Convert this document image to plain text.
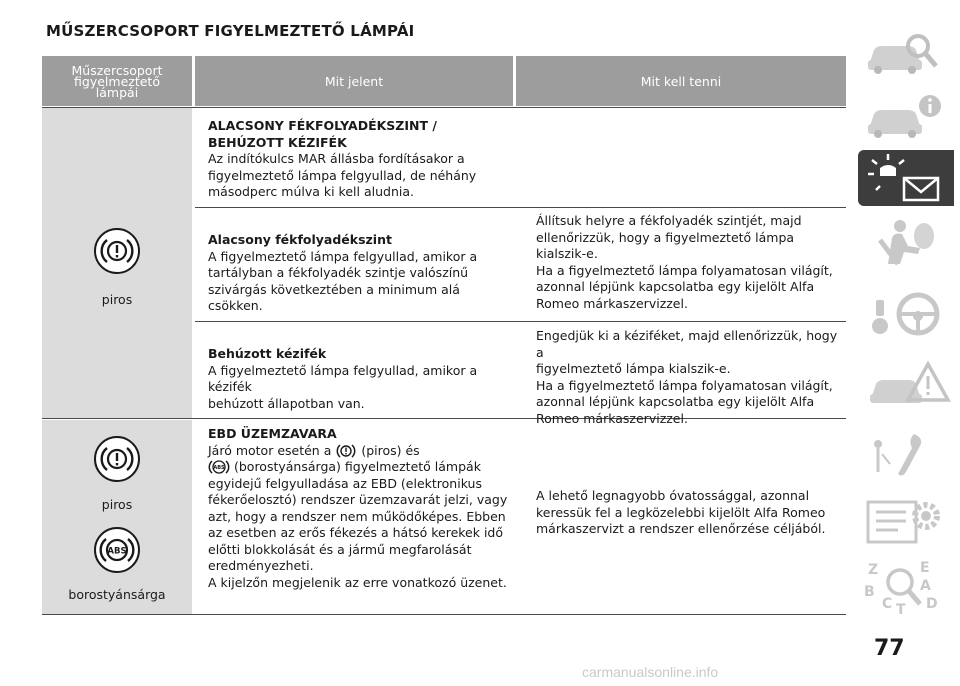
MŰSZERCSOPORT FIGYELMEZTETŐ LÁMPÁI
Műszercsoport
figyelmeztető
lámpái
Mit jelent	Mit kell tenni
piros
ALACSONY FÉKFOLYADÉKSZINT /
BEHÚZOTT KÉZIFÉK
Az indítókulcs MAR állásba fordításakor a
figyelmeztető lámpa felgyullad, de néhány
másodperc múlva ki kell aludnia.
Alacsony fékfolyadékszint
A figyelmeztető lámpa felgyullad, amikor a
tartályban a fékfolyadék szintje valószínű
szivárgás következtében a minimum alá csökken.
Állítsuk helyre a fékfolyadék szintjét, majd
ellenőrizzük, hogy a figyelmeztető lámpa
kialszik-e.
Ha a figyelmeztető lámpa folyamatosan világít,
azonnal lépjünk kapcsolatba egy kijelölt Alfa
Romeo márkaszervizzel.
Behúzott kézifék
A figyelmeztető lámpa felgyullad, amikor a kézifék
behúzott állapotban van.
Engedjük ki a kéziféket, majd ellenőrizzük, hogy a
figyelmeztető lámpa kialszik-e.
Ha a figyelmeztető lámpa folyamatosan világít,
azonnal lépjünk kapcsolatba egy kijelölt Alfa
Romeo márkaszervizzel.
piros
ABS
borostyánsárga
EBD ÜZEMZAVARA
Járó motor esetén a (piros) és
ABS (borostyánsárga) figyelmeztető lámpák
egyidejű felgyulladása az EBD (elektronikus
fékerőelosztó) rendszer üzemzavarát jelzi, vagy
azt, hogy a rendszer nem működőképes. Ebben
az esetben az erős fékezés a hátsó kerekek idő
előtti blokkolását és a jármű megfarolását
eredményezheti.
A kijelzőn megjelenik az erre vonatkozó üzenet.
A lehető legnagyobb óvatossággal, azonnal
keressük fel a legközelebbi kijelölt Alfa Romeo
márkaszervizt a rendszer ellenőrzése céljából.
Z	E
A
B
C T D
77
carmanualsonline.info
